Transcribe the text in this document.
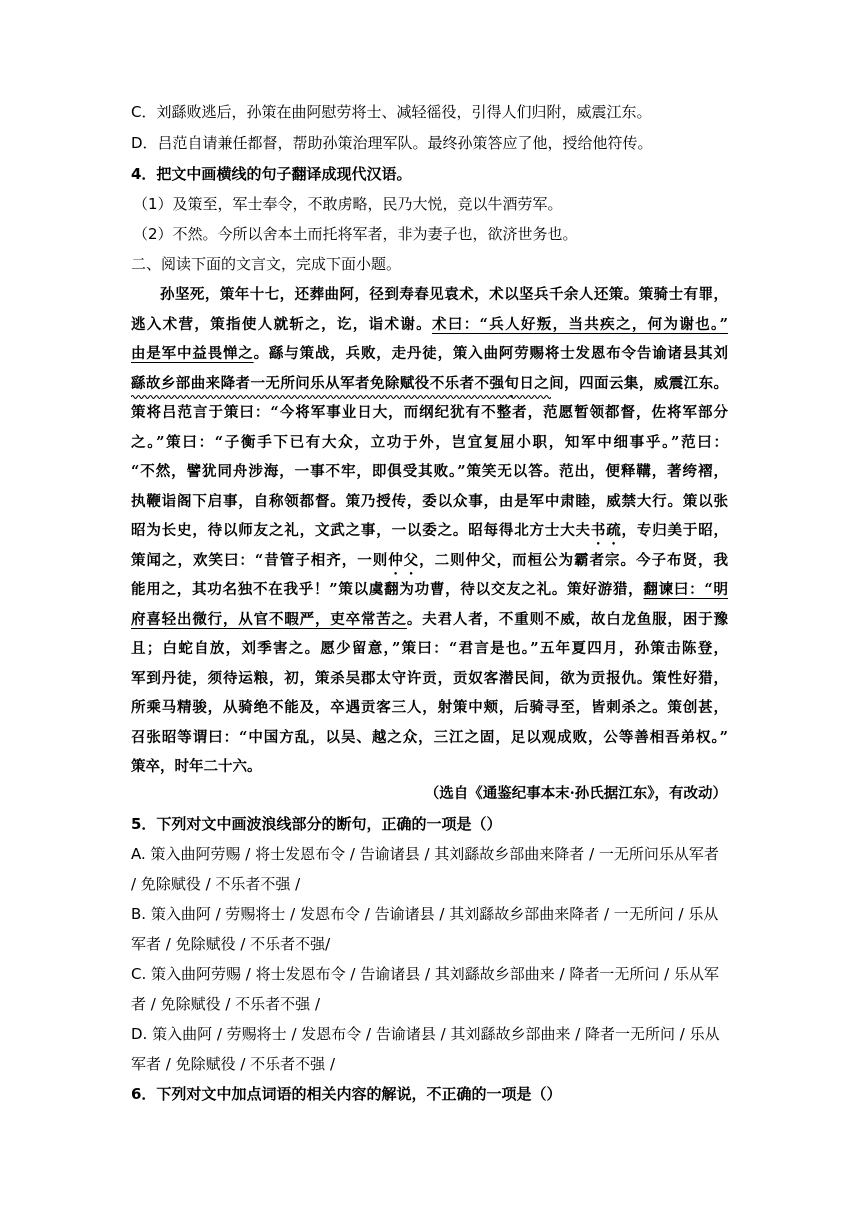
C．刘繇败逃后，孙策在曲阿慰劳将士、减轻徭役，引得人们归附，威震江东。
D．吕范自请兼任都督，帮助孙策治理军队。最终孙策答应了他，授给他符传。
4．把文中画横线的句子翻译成现代汉语。
（1）及策至，军士奉令，不敢虏略，民乃大悦，竞以牛酒劳军。
（2）不然。今所以舍本土而托将军者，非为妻子也，欲济世务也。
二、阅读下面的文言文，完成下面小题。
孙坚死，策年十七，还葬曲阿，径到寿春见袁术，术以坚兵千余人还策。策骑士有罪，
逃入术营，策指使人就斩之，讫，诣术谢。术曰：“兵人好叛，当共疾之，何为谢也。”
由是军中益畏惮之。繇与策战，兵败，走丹徒，策入曲阿劳赐将士发恩布令告谕诸县其刘
繇故乡部曲来降者一无所问乐从军者免除赋役不乐者不强旬日之间，四面云集，威震江东。
策将吕范言于策曰：“今将军事业日大，而纲纪犹有不整者，范愿暂领都督，佐将军部分
之。”策曰：“子衡手下已有大众，立功于外，岂宜复屈小职，知军中细事乎。”范曰：
“不然，譬犹同舟涉海，一事不牢，即俱受其败。”策笑无以答。范出，便释鞲，著绔褶，
执鞭诣阁下启事，自称领都督。策乃授传，委以众事，由是军中肃睦，威禁大行。策以张
昭为长史，待以师友之礼，文武之事，一以委之。昭每得北方士大夫书疏，专归美于昭，
策闻之，欢笑曰：“昔管子相齐，一则仲父，二则仲父，而桓公为霸者宗。今子布贤，我
能用之，其功名独不在我乎！”策以虞翻为功曹，待以交友之礼。策好游猎，翻谏曰：“明
府喜轻出微行，从官不暇严，吏卒常苦之。夫君人者，不重则不威，故白龙鱼服，困于豫
且；白蛇自放，刘季害之。愿少留意，”策曰：“君言是也。”五年夏四月，孙策击陈登，
军到丹徒，须待运粮，初，策杀吴郡太守许贡，贡奴客潜民间，欲为贡报仇。策性好猎，
所乘马精骏，从骑绝不能及，卒遇贡客三人，射策中颊，后骑寻至，皆刺杀之。策创甚，
召张昭等谓曰：“中国方乱，以吴、越之众，三江之固，足以观成败，公等善相吾弟权。”
策卒，时年二十六。
（选自《通鉴纪事本末·孙氏据江东》，有改动）
5．下列对文中画波浪线部分的断句，正确的一项是（）
A. 策入曲阿劳赐 / 将士发恩布令 / 告谕诸县 / 其刘繇故乡部曲来降者 / 一无所问乐从军者
/ 免除赋役 / 不乐者不强 /
B. 策入曲阿 / 劳赐将士 / 发恩布令 / 告谕诸县 / 其刘繇故乡部曲来降者 / 一无所问 / 乐从
军者 / 免除赋役 / 不乐者不强/
C. 策入曲阿劳赐 / 将士发恩布令 / 告谕诸县 / 其刘繇故乡部曲来 / 降者一无所问 / 乐从军
者 / 免除赋役 / 不乐者不强 /
D. 策入曲阿 / 劳赐将士 / 发恩布令 / 告谕诸县 / 其刘繇故乡部曲来 / 降者一无所问 / 乐从
军者 / 免除赋役 / 不乐者不强 /
6．下列对文中加点词语的相关内容的解说，不正确的一项是（）
